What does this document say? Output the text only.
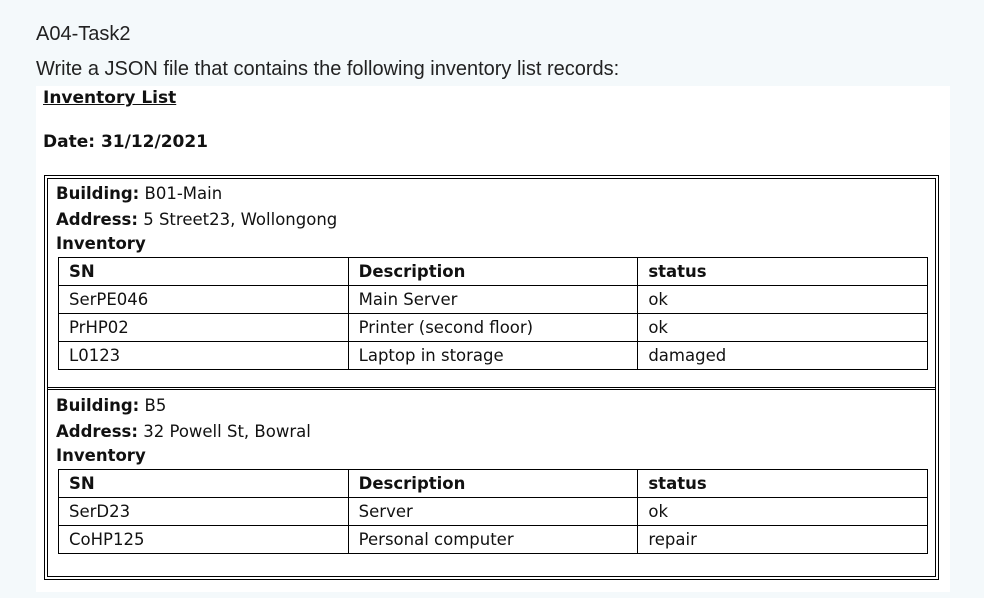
A04-Task2
Write a JSON file that contains the following inventory list records:
Inventory List
Date: 31/12/2021
Building: B01-Main
Address: 5 Street23, Wollongong
Inventory
SN	Description	status
SerPE046	Main Server	ok
PrHP02	Printer (second floor)	ok
L0123	Laptop in storage	damaged
Building: B5
Address: 32 Powell St, Bowral
Inventory
SN	Description	status
SerD23	Server	ok
CoHP125	Personal computer	repair
